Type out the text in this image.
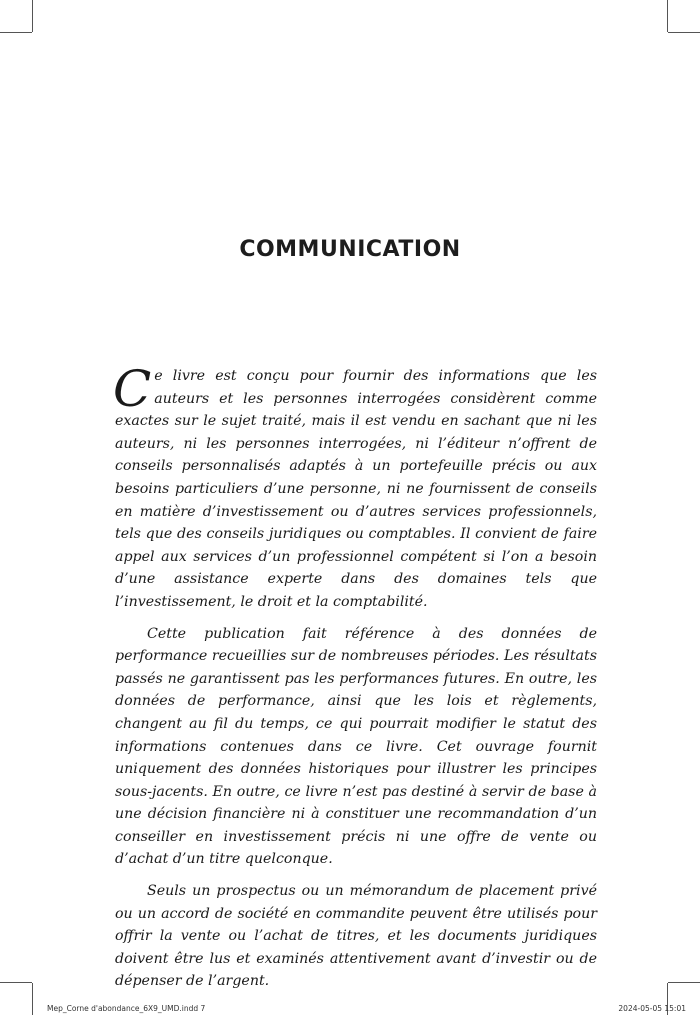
COMMUNICATION

Ce livre est conçu pour fournir des informations que les auteurs et les personnes interrogées considèrent comme exactes sur le sujet traité, mais il est vendu en sachant que ni les auteurs, ni les personnes interrogées, ni l’éditeur n’offrent de conseils personnalisés adaptés à un portefeuille précis ou aux besoins particuliers d’une personne, ni ne fournissent de conseils en matière d’investissement ou d’autres services professionnels, tels que des conseils juridiques ou comptables. Il convient de faire appel aux services d’un professionnel compétent si l’on a besoin d’une assistance experte dans des domaines tels que l’investissement, le droit et la comptabilité.

Cette publication fait référence à des données de performance recueillies sur de nombreuses périodes. Les résultats passés ne garantissent pas les performances futures. En outre, les données de performance, ainsi que les lois et règlements, changent au fil du temps, ce qui pourrait modifier le statut des informations contenues dans ce livre. Cet ouvrage fournit uniquement des données historiques pour illustrer les principes sous-jacents. En outre, ce livre n’est pas destiné à servir de base à une décision financière ni à constituer une recommandation d’un conseiller en investissement précis ni une offre de vente ou d’achat d’un titre quelconque.

Seuls un prospectus ou un mémorandum de placement privé ou un accord de société en commandite peuvent être utilisés pour offrir la vente ou l’achat de titres, et les documents juridiques doivent être lus et examinés attentivement avant d’investir ou de dépenser de l’argent.

Mep_Corne d'abondance_6X9_UMD.indd 7	2024-05-05 15:01
